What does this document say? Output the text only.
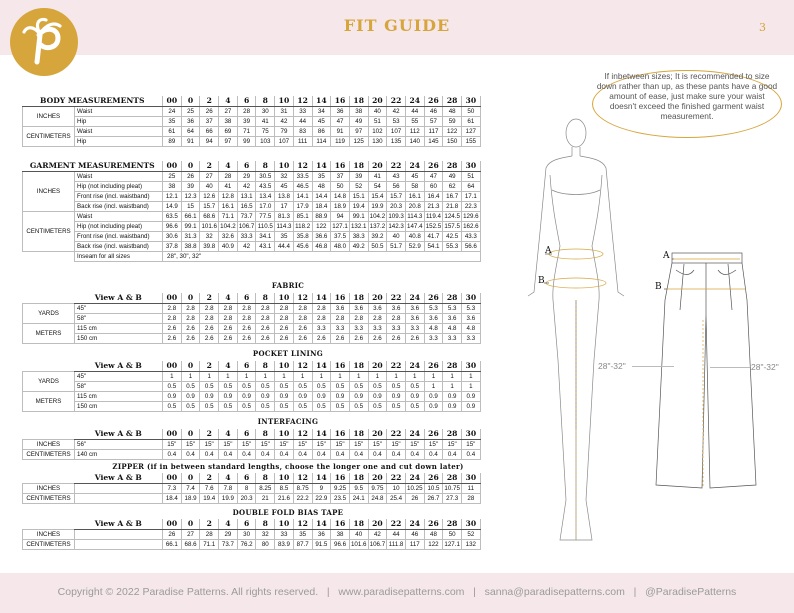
FIT GUIDE	3
BODY MEASUREMENTS		00	0	2	4	6	8	10	12	14	16	18	20	22	24	26	28	30
INCHES	Waist	24	25	26	27	28	30	31	33	34	36	38	40	42	44	46	48	50
	Hip	35	36	37	38	39	41	42	44	45	47	49	51	53	55	57	59	61
CENTIMETERS	Waist	61	64	66	69	71	75	79	83	86	91	97	102	107	112	117	122	127
	Hip	89	91	94	97	99	103	107	111	114	119	125	130	135	140	145	150	155
GARMENT MEASUREMENTS		00	0	2	4	6	8	10	12	14	16	18	20	22	24	26	28	30
INCHES	Waist	25	26	27	28	29	30.5	32	33.5	35	37	39	41	43	45	47	49	51
	Hip (not including pleat)	38	39	40	41	42	43.5	45	46.5	48	50	52	54	56	58	60	62	64
	Front rise (incl. waistband)	12.1	12.3	12.6	12.8	13.1	13.4	13.8	14.1	14.4	14.8	15.1	15.4	15.7	16.1	16.4	16.7	17.1
	Back rise (incl. waistband)	14.9	15	15.7	16.1	16.5	17.0	17	17.9	18.4	18.9	19.4	19.9	20.3	20.8	21.3	21.8	22.3
CENTIMETERS	Waist	63.5	66.1	68.6	71.1	73.7	77.5	81.3	85.1	88.9	94	99.1	104.2	109.3	114.3	119.4	124.5	129.6
	Hip (not including pleat)	96.6	99.1	101.6	104.2	106.7	110.5	114.3	118.2	122	127.1	132.1	137.2	142.3	147.4	152.5	157.5	162.6
	Front rise (incl. waistband)	30.6	31.3	32	32.6	33.3	34.1	35	35.8	36.6	37.5	38.3	39.2	40	40.8	41.7	42.5	43.3
	Back rise (incl. waistband)	37.8	38.8	39.8	40.9	42	43.1	44.4	45.6	46.8	48.0	49.2	50.5	51.7	52.9	54.1	55.3	56.6
	Inseam for all sizes	28", 30", 32"																
FABRIC
	View A & B	00	0	2	4	6	8	10	12	14	16	18	20	22	24	26	28	30
YARDS	45"	2.8	2.8	2.8	2.8	2.8	2.8	2.8	2.8	2.8	3.6	3.6	3.6	3.6	3.6	5.3	5.3	5.3
	58"	2.8	2.8	2.8	2.8	2.8	2.8	2.8	2.8	2.8	2.8	2.8	2.8	2.8	3.6	3.6	3.6	3.6
METERS	115 cm	2.6	2.6	2.6	2.6	2.6	2.6	2.6	2.6	3.3	3.3	3.3	3.3	3.3	3.3	4.8	4.8	4.8
	150 cm	2.6	2.6	2.6	2.6	2.6	2.6	2.6	2.6	2.6	2.6	2.6	2.6	2.6	2.6	3.3	3.3	3.3
POCKET LINING
	View A & B	00	0	2	4	6	8	10	12	14	16	18	20	22	24	26	28	30
YARDS	45"	1	1	1	1	1	1	1	1	1	1	1	1	1	1	1	1	1
	58"	0.5	0.5	0.5	0.5	0.5	0.5	0.5	0.5	0.5	0.5	0.5	0.5	0.5	0.5	1	1	1
METERS	115 cm	0.9	0.9	0.9	0.9	0.9	0.9	0.9	0.9	0.9	0.9	0.9	0.9	0.9	0.9	0.9	0.9	0.9
	150 cm	0.5	0.5	0.5	0.5	0.5	0.5	0.5	0.5	0.5	0.5	0.5	0.5	0.5	0.5	0.9	0.9	0.9
INTERFACING
	View A & B	00	0	2	4	6	8	10	12	14	16	18	20	22	24	26	28	30
INCHES	56"	15"	15"	15"	15"	15"	15"	15"	15"	15"	15"	15"	15"	15"	15"	15"	15"	15"
CENTIMETERS	140 cm	0.4	0.4	0.4	0.4	0.4	0.4	0.4	0.4	0.4	0.4	0.4	0.4	0.4	0.4	0.4	0.4	0.4
ZIPPER (if in between standard lengths, choose the longer one and cut down later)
	View A & B	00	0	2	4	6	8	10	12	14	16	18	20	22	24	26	28	30
INCHES		7.3	7.4	7.6	7.8	8	8.25	8.5	8.75	9	9.25	9.5	9.75	10	10.25	10.5	10.75	11
CENTIMETERS		18.4	18.9	19.4	19.9	20.3	21	21.6	22.2	22.9	23.5	24.1	24.8	25.4	26	26.7	27.3	28
DOUBLE FOLD BIAS TAPE
	View A & B	00	0	2	4	6	8	10	12	14	16	18	20	22	24	26	28	30
INCHES		26	27	28	29	30	32	33	35	36	38	40	42	44	46	48	50	52
CENTIMETERS		66.1	68.6	71.1	73.7	76.2	80	83.9	87.7	91.5	96.6	101.6	106.7	111.8	117	122	127.1	132
If inbetween sizes; It is recommended to size down rather than up, as these pants have a good amount of ease, just make sure your waist doesn't exceed the finished garment waist measurement.
A
B
A
B
28"-32"	28"-32"
Copyright © 2022 Paradise Patterns. All rights reserved.   |   www.paradisepatterns.com   |   sanna@paradisepatterns.com   |   @ParadisePatterns
